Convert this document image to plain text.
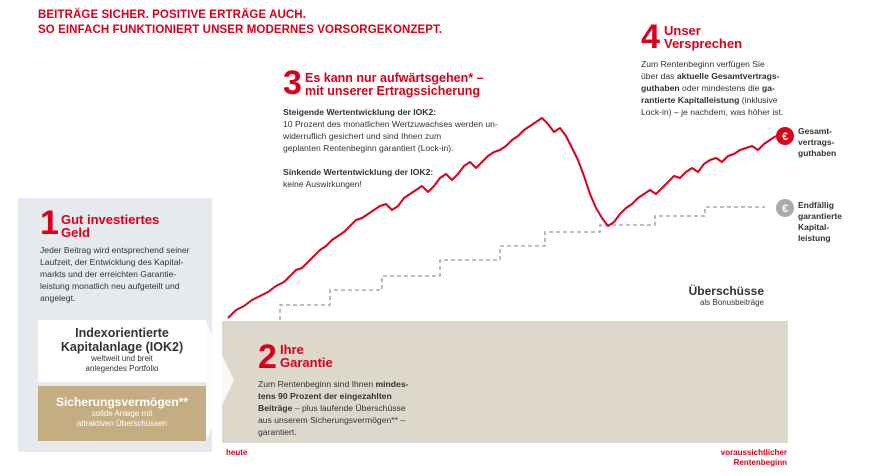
BEITRÄGE SICHER. POSITIVE ERTRÄGE AUCH.
SO EINFACH FUNKTIONIERT UNSER MODERNES VORSORGEKONZEPT.
€
€
1 Gut investiertes
Geld
Jeder Beitrag wird entsprechend seiner
Laufzeit, der Entwicklung des Kapital-
markts und der erreichten Garantie-
leistung monatlich neu aufgeteilt und
angelegt.
Indexorientierte
Kapitalanlage (IOK2)
weltweit und breit
anlegendes Portfolio
Sicherungsvermögen**
solide Anlage mit
attraktiven Überschüssen
2 Ihre
Garantie
Zum Rentenbeginn sind Ihnen mindes-
tens 90 Prozent der eingezahlten
Beiträge – plus laufende Überschüsse
aus unserem Sicherungsvermögen** –
garantiert.
3 Es kann nur aufwärtsgehen* –
mit unserer Ertragssicherung
Steigende Wertentwicklung der IOK2:
10 Prozent des monatlichen Wertzuwachses werden un-
widerruflich gesichert und sind Ihnen zum
geplanten Rentenbeginn garantiert (Lock-in).
Sinkende Wertentwicklung der IOK2:
keine Auswirkungen!
4 Unser
Versprechen
Zum Rentenbeginn verfügen Sie
über das aktuelle Gesamtvertrags-
guthaben oder mindestens die ga-
rantierte Kapitalleistung (inklusive
Lock-in) – je nachdem, was höher ist.
Gesamt-
vertrags-
guthaben
Endfällig
garantierte
Kapital-
leistung
Überschüsse
als Bonusbeiträge
heute	voraussichtlicher
Rentenbeginn
